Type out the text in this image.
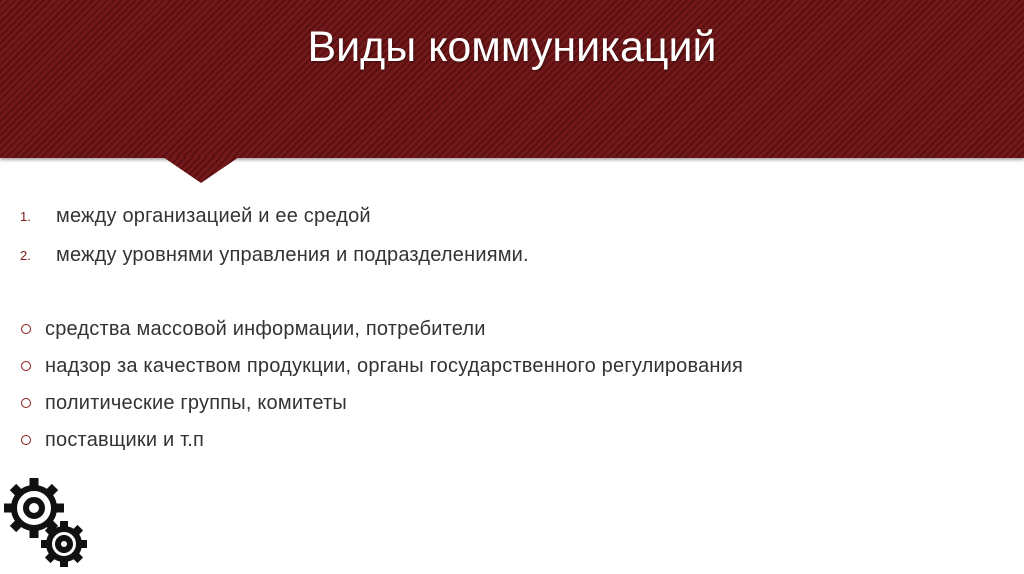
Виды коммуникаций
1.	между организацией и ее средой
2.	между уровнями управления и подразделениями.
средства массовой информации, потребители
надзор за качеством продукции, органы государственного регулирования
политические группы, комитеты
поставщики и т.п
